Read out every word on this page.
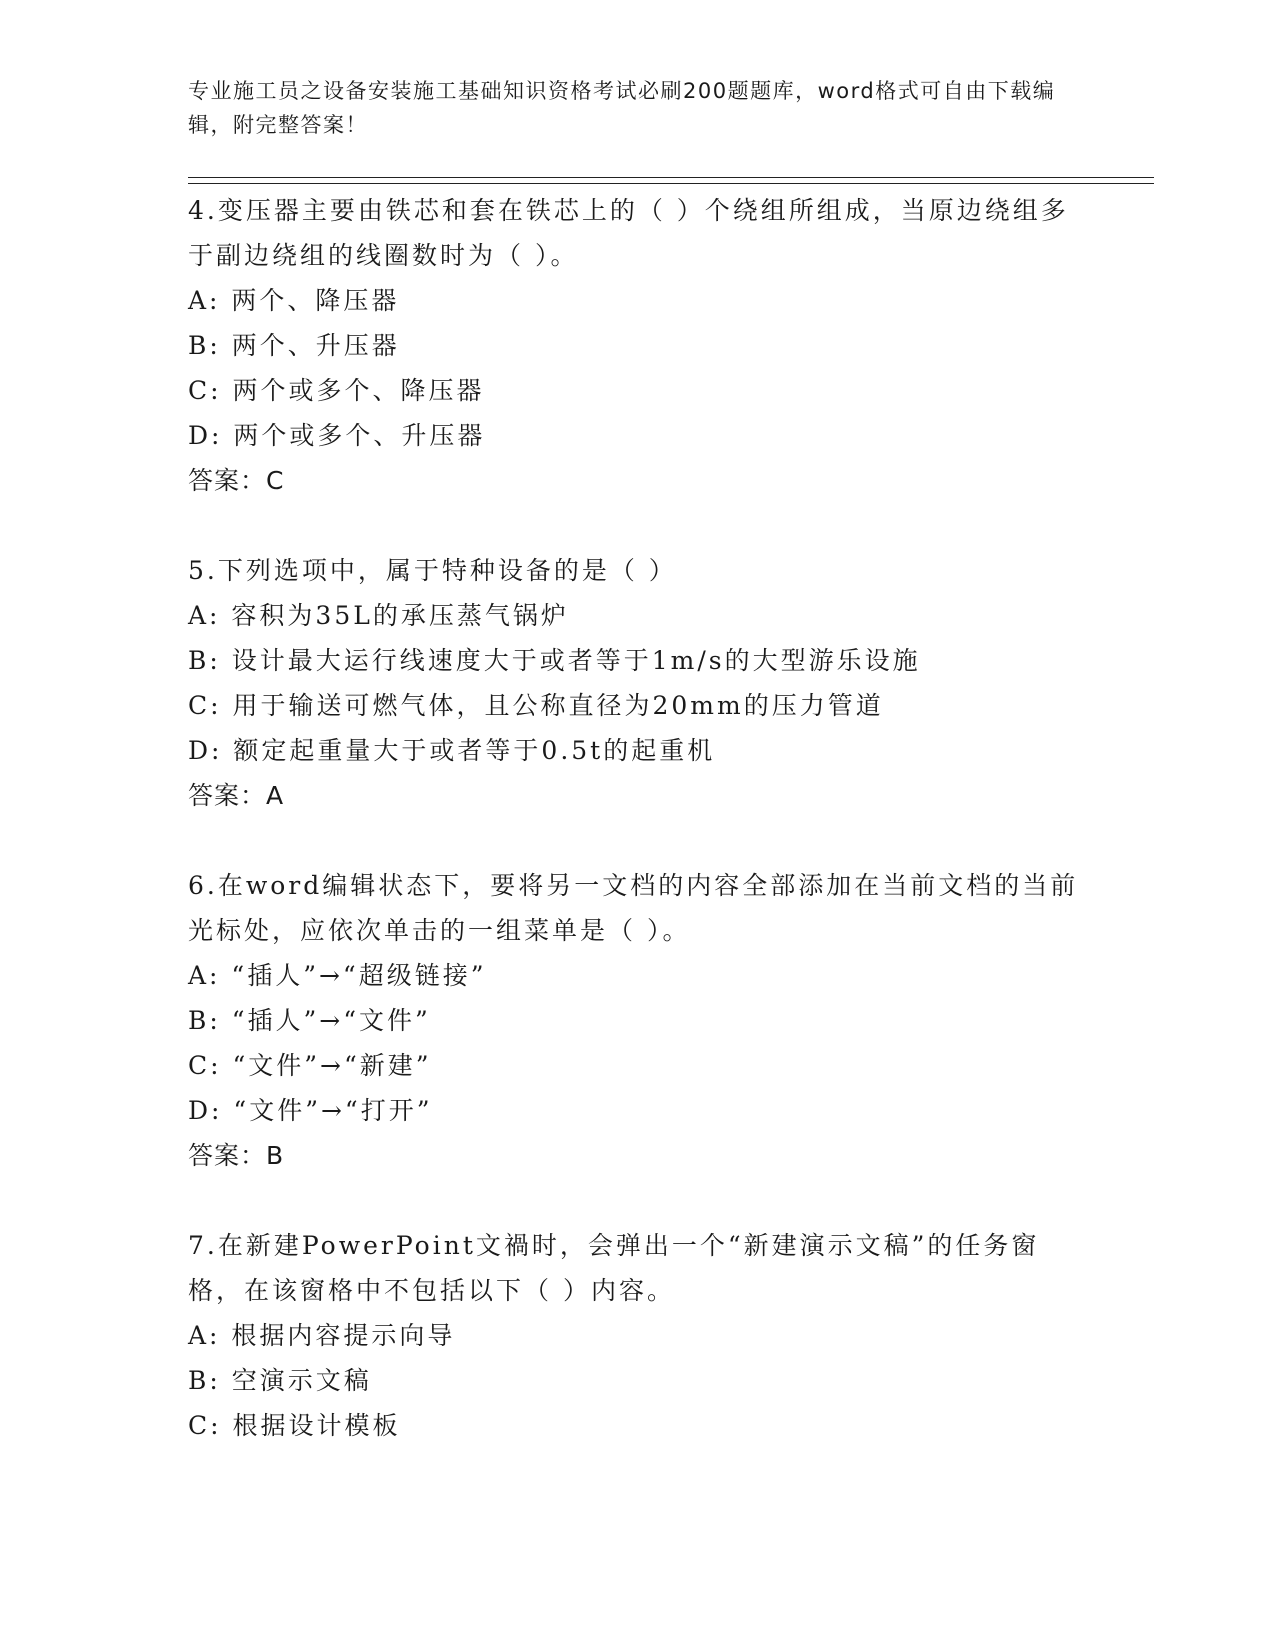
专业施工员之设备安装施工基础知识资格考试必刷200题题库，word格式可自由下载编辑，附完整答案！
4.变压器主要由铁芯和套在铁芯上的（ ）个绕组所组成，当原边绕组多于副边绕组的线圈数时为（ ）。
A: 两个、降压器
B: 两个、升压器
C: 两个或多个、降压器
D: 两个或多个、升压器
答案：C
5.下列选项中，属于特种设备的是（ ）
A: 容积为35L的承压蒸气锅炉
B: 设计最大运行线速度大于或者等于1m/s的大型游乐设施
C: 用于输送可燃气体，且公称直径为20mm的压力管道
D: 额定起重量大于或者等于0.5t的起重机
答案：A
6.在word编辑状态下，要将另一文档的内容全部添加在当前文档的当前光标处，应依次单击的一组菜单是（ ）。
A: “插人”→“超级链接”
B: “插人”→“文件”
C: “文件”→“新建”
D: “文件”→“打开”
答案：B
7.在新建PowerPoint文禍时，会弹出一个“新建演示文稿”的任务窗格，在该窗格中不包括以下（ ）内容。
A: 根据内容提示向导
B: 空演示文稿
C: 根据设计模板
